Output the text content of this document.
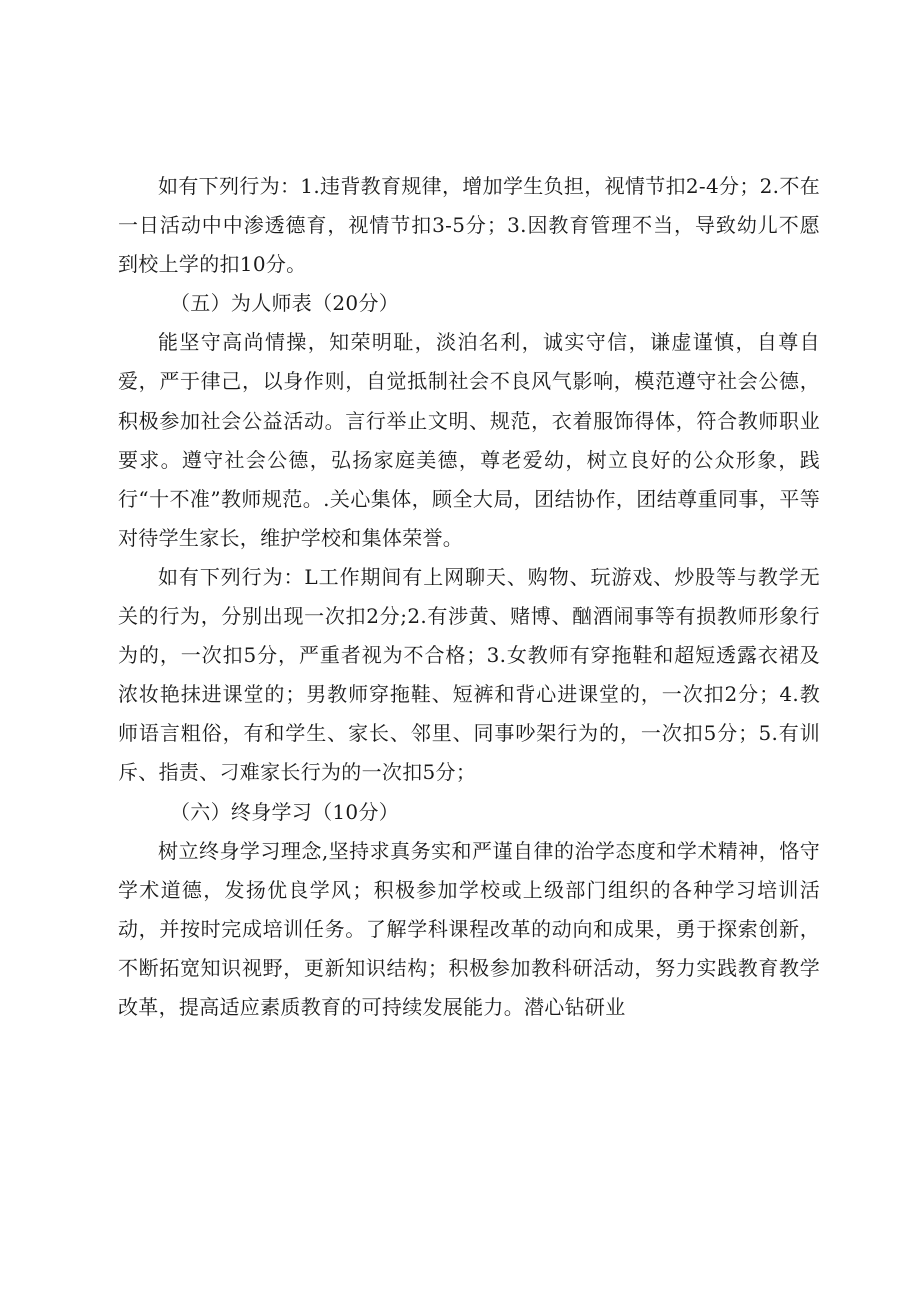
如有下列行为：1.违背教育规律，增加学生负担，视情节扣2-4分；2.不在一日活动中中渗透德育，视情节扣3-5分；3.因教育管理不当，导致幼儿不愿到校上学的扣10分。

（五）为人师表（20分）

能坚守高尚情操，知荣明耻，淡泊名利，诚实守信，谦虚谨慎，自尊自爱，严于律己，以身作则，自觉抵制社会不良风气影响，模范遵守社会公德，积极参加社会公益活动。言行举止文明、规范，衣着服饰得体，符合教师职业要求。遵守社会公德，弘扬家庭美德，尊老爱幼，树立良好的公众形象，践行“十不准”教师规范。.关心集体，顾全大局，团结协作，团结尊重同事，平等对待学生家长，维护学校和集体荣誉。

如有下列行为：L工作期间有上网聊天、购物、玩游戏、炒股等与教学无关的行为，分别出现一次扣2分;2.有涉黄、赌博、酗酒闹事等有损教师形象行为的，一次扣5分，严重者视为不合格；3.女教师有穿拖鞋和超短透露衣裙及浓妆艳抹进课堂的；男教师穿拖鞋、短裤和背心进课堂的，一次扣2分；4.教师语言粗俗，有和学生、家长、邻里、同事吵架行为的，一次扣5分；5.有训斥、指责、刁难家长行为的一次扣5分；

（六）终身学习（10分）

树立终身学习理念,坚持求真务实和严谨自律的治学态度和学术精神，恪守学术道德，发扬优良学风；积极参加学校或上级部门组织的各种学习培训活动，并按时完成培训任务。了解学科课程改革的动向和成果，勇于探索创新，不断拓宽知识视野，更新知识结构；积极参加教科研活动，努力实践教育教学改革，提高适应素质教育的可持续发展能力。潜心钻研业
